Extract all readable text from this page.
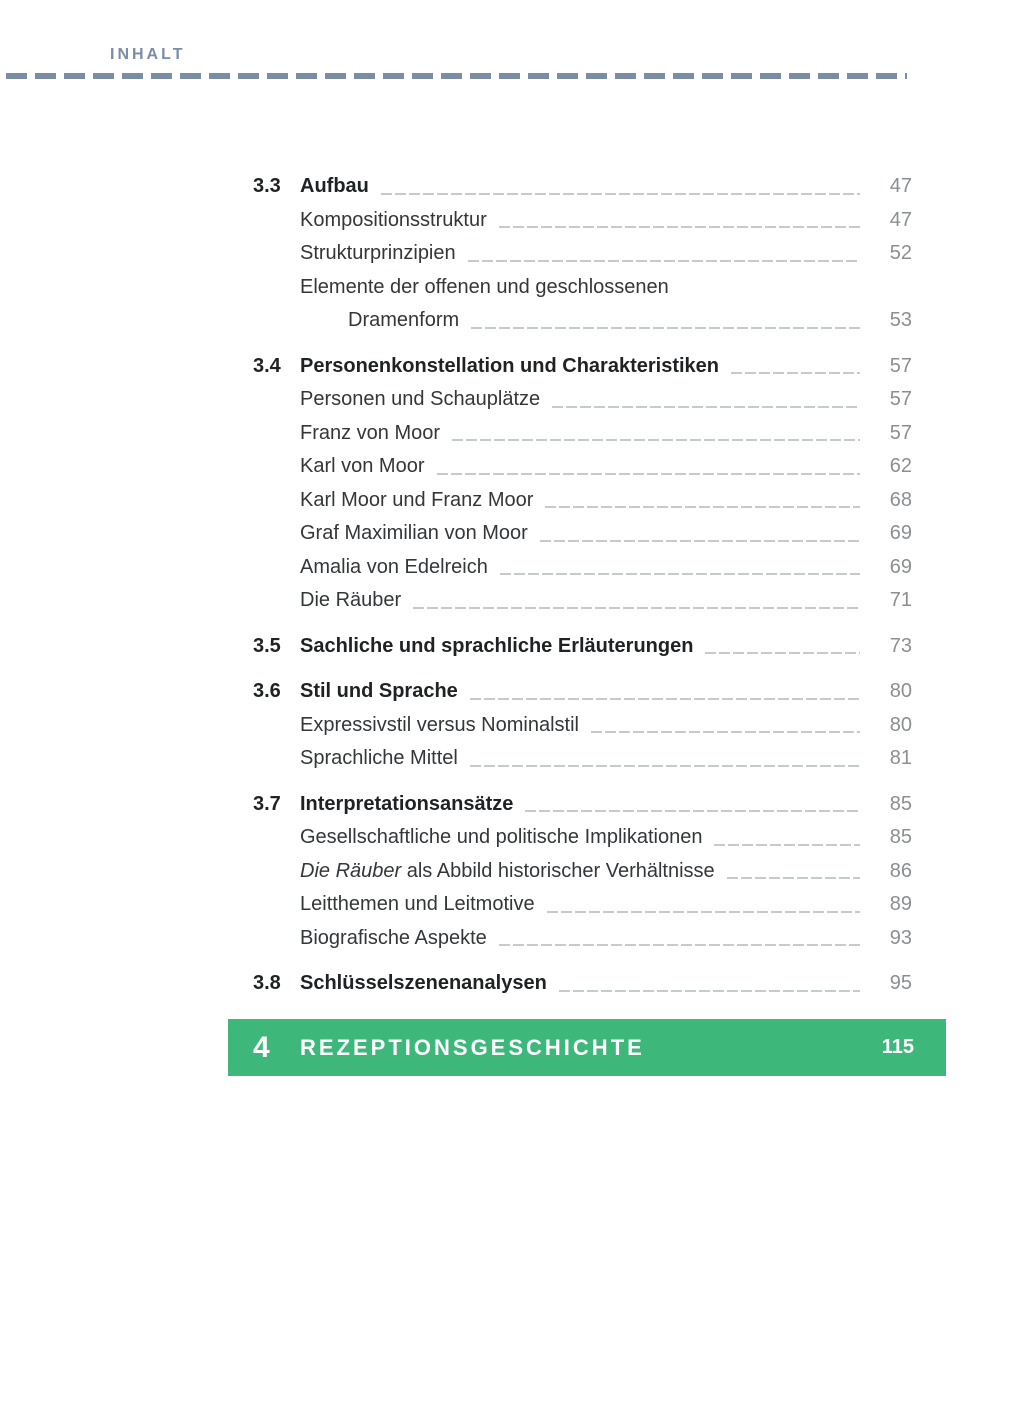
INHALT
3.3 Aufbau	47
Kompositionsstruktur	47
Strukturprinzipien	52
Elemente der offenen und geschlossenen
Dramenform	53
3.4 Personenkonstellation und Charakteristiken	57
Personen und Schauplätze	57
Franz von Moor	57
Karl von Moor	62
Karl Moor und Franz Moor	68
Graf Maximilian von Moor	69
Amalia von Edelreich	69
Die Räuber	71
3.5 Sachliche und sprachliche Erläuterungen	73
3.6 Stil und Sprache	80
Expressivstil versus Nominalstil	80
Sprachliche Mittel	81
3.7 Interpretationsansätze	85
Gesellschaftliche und politische Implikationen	85
Die Räuber als Abbild historischer Verhältnisse	86
Leitthemen und Leitmotive	89
Biografische Aspekte	93
3.8 Schlüsselszenenanalysen	95
4	REZEPTIONSGESCHICHTE	115
